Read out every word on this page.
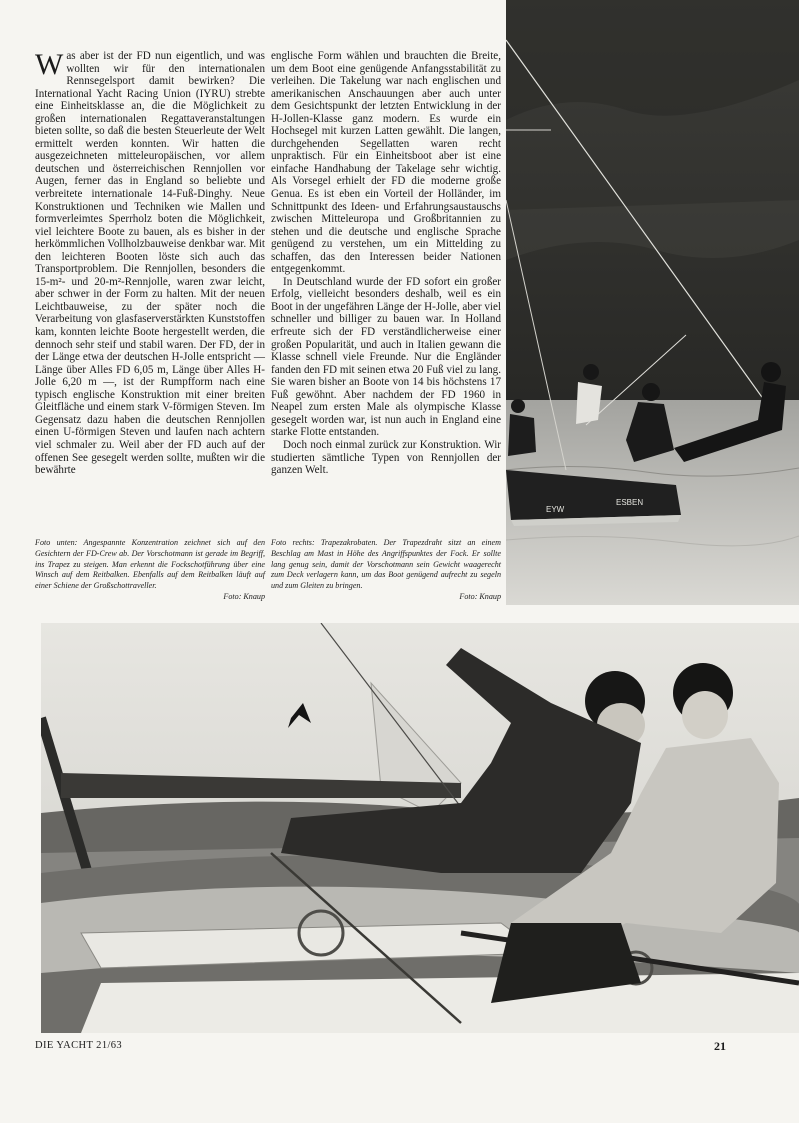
Was aber ist der FD nun eigentlich, und was wollten wir für den internationalen Rennsegelsport damit bewirken? Die International Yacht Racing Union (IYRU) strebte eine Einheitsklasse an, die die Möglichkeit zu großen internationalen Regattaveranstaltungen bieten sollte, so daß die besten Steuerleute der Welt ermittelt werden konnten. Wir hatten die ausgezeichneten mitteleuropäischen, vor allem deutschen und österreichischen Rennjollen vor Augen, ferner das in England so beliebte und verbreitete internationale 14-Fuß-Dinghy. Neue Konstruktionen und Techniken wie Mallen und formverleimtes Sperrholz boten die Möglichkeit, viel leichtere Boote zu bauen, als es bisher in der herkömmlichen Vollholzbauweise denkbar war. Mit den leichteren Booten löste sich auch das Transportproblem. Die Rennjollen, besonders die 15-m²- und 20-m²-Rennjolle, waren zwar leicht, aber schwer in der Form zu halten. Mit der neuen Leichtbauweise, zu der später noch die Verarbeitung von glasfaserverstärkten Kunststoffen kam, konnten leichte Boote hergestellt werden, die dennoch sehr steif und stabil waren. Der FD, der in der Länge etwa der deutschen H-Jolle entspricht — Länge über Alles FD 6,05 m, Länge über Alles H-Jolle 6,20 m —, ist der Rumpfform nach eine typisch englische Konstruktion mit einer breiten Gleitfläche und einem stark V-förmigen Steven. Im Gegensatz dazu haben die deutschen Rennjollen einen U-förmigen Steven und laufen nach achtern viel schmaler zu. Weil aber der FD auch auf der offenen See gesegelt werden sollte, mußten wir die bewährte

englische Form wählen und brauchten die Breite, um dem Boot eine genügende Anfangsstabilität zu verleihen. Die Takelung war nach englischen und amerikanischen Anschauungen aber auch unter dem Gesichtspunkt der letzten Entwicklung in der H-Jollen-Klasse ganz modern. Es wurde ein Hochsegel mit kurzen Latten gewählt. Die langen, durchgehenden Segellatten waren recht unpraktisch. Für ein Einheitsboot aber ist eine einfache Handhabung der Takelage sehr wichtig. Als Vorsegel erhielt der FD die moderne große Genua. Es ist eben ein Vorteil der Holländer, im Schnittpunkt des Ideen- und Erfahrungsaustauschs zwischen Mitteleuropa und Großbritannien zu stehen und die deutsche und englische Sprache genügend zu verstehen, um ein Mittelding zu schaffen, das den Interessen beider Nationen entgegenkommt.

In Deutschland wurde der FD sofort ein großer Erfolg, vielleicht besonders deshalb, weil es ein Boot in der ungefähren Länge der H-Jolle, aber viel schneller und billiger zu bauen war. In Holland erfreute sich der FD verständlicherweise einer großen Popularität, und auch in Italien gewann die Klasse schnell viele Freunde. Nur die Engländer fanden den FD mit seinen etwa 20 Fuß viel zu lang. Sie waren bisher an Boote von 14 bis höchstens 17 Fuß gewöhnt. Aber nachdem der FD 1960 in Neapel zum ersten Male als olympische Klasse gesegelt worden war, ist nun auch in England eine starke Flotte entstanden.

Doch noch einmal zurück zur Konstruktion. Wir studierten sämtliche Typen von Rennjollen der ganzen Welt.

Foto unten: Angespannte Konzentration zeichnet sich auf den Gesichtern der FD-Crew ab. Der Vorschotmann ist gerade im Begriff, ins Trapez zu steigen. Man erkennt die Fockschotführung über eine Winsch auf dem Reitbalken. Ebenfalls auf dem Reitbalken läuft auf einer Schiene der Großschottraveller.
Foto: Knaup
Foto rechts: Trapezakrobaten. Der Trapezdraht sitzt an einem Beschlag am Mast in Höhe des Angriffspunktes der Fock. Er sollte lang genug sein, damit der Vorschotmann sein Gewicht waagerecht zum Deck verlagern kann, um das Boot genügend aufrecht zu segeln und zum Gleiten zu bringen.
Foto: Knaup
EYW
ESBEN
DIE YACHT 21/63	21
